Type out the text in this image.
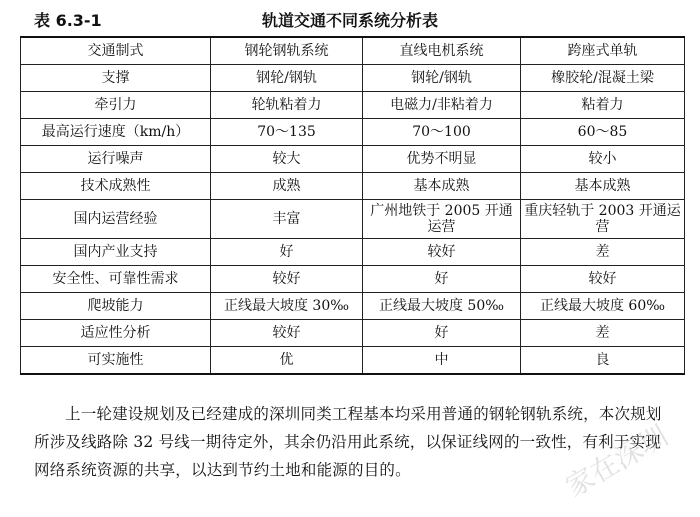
表 6.3-1	轨道交通不同系统分析表
交通制式	钢轮钢轨系统	直线电机系统	跨座式单轨
支撑	钢轮/钢轨	钢轮/钢轨	橡胶轮/混凝土梁
牵引力	轮轨粘着力	电磁力/非粘着力	粘着力
最高运行速度（km/h）	70～135	70～100	60～85
运行噪声	较大	优势不明显	较小
技术成熟性	成熟	基本成熟	基本成熟
国内运营经验	丰富	广州地铁于 2005 开通运营	重庆轻轨于 2003 开通运营
国内产业支持	好	较好	差
安全性、可靠性需求	较好	好	较好
爬坡能力	正线最大坡度 30‰	正线最大坡度 50‰	正线最大坡度 60‰
适应性分析	较好	好	差
可实施性	优	中	良
上一轮建设规划及已经建成的深圳同类工程基本均采用普通的钢轮钢轨系统，本次规划所涉及线路除 32 号线一期待定外，其余仍沿用此系统，以保证线网的一致性，有利于实现网络系统资源的共享，以达到节约土地和能源的目的。	家在深圳
